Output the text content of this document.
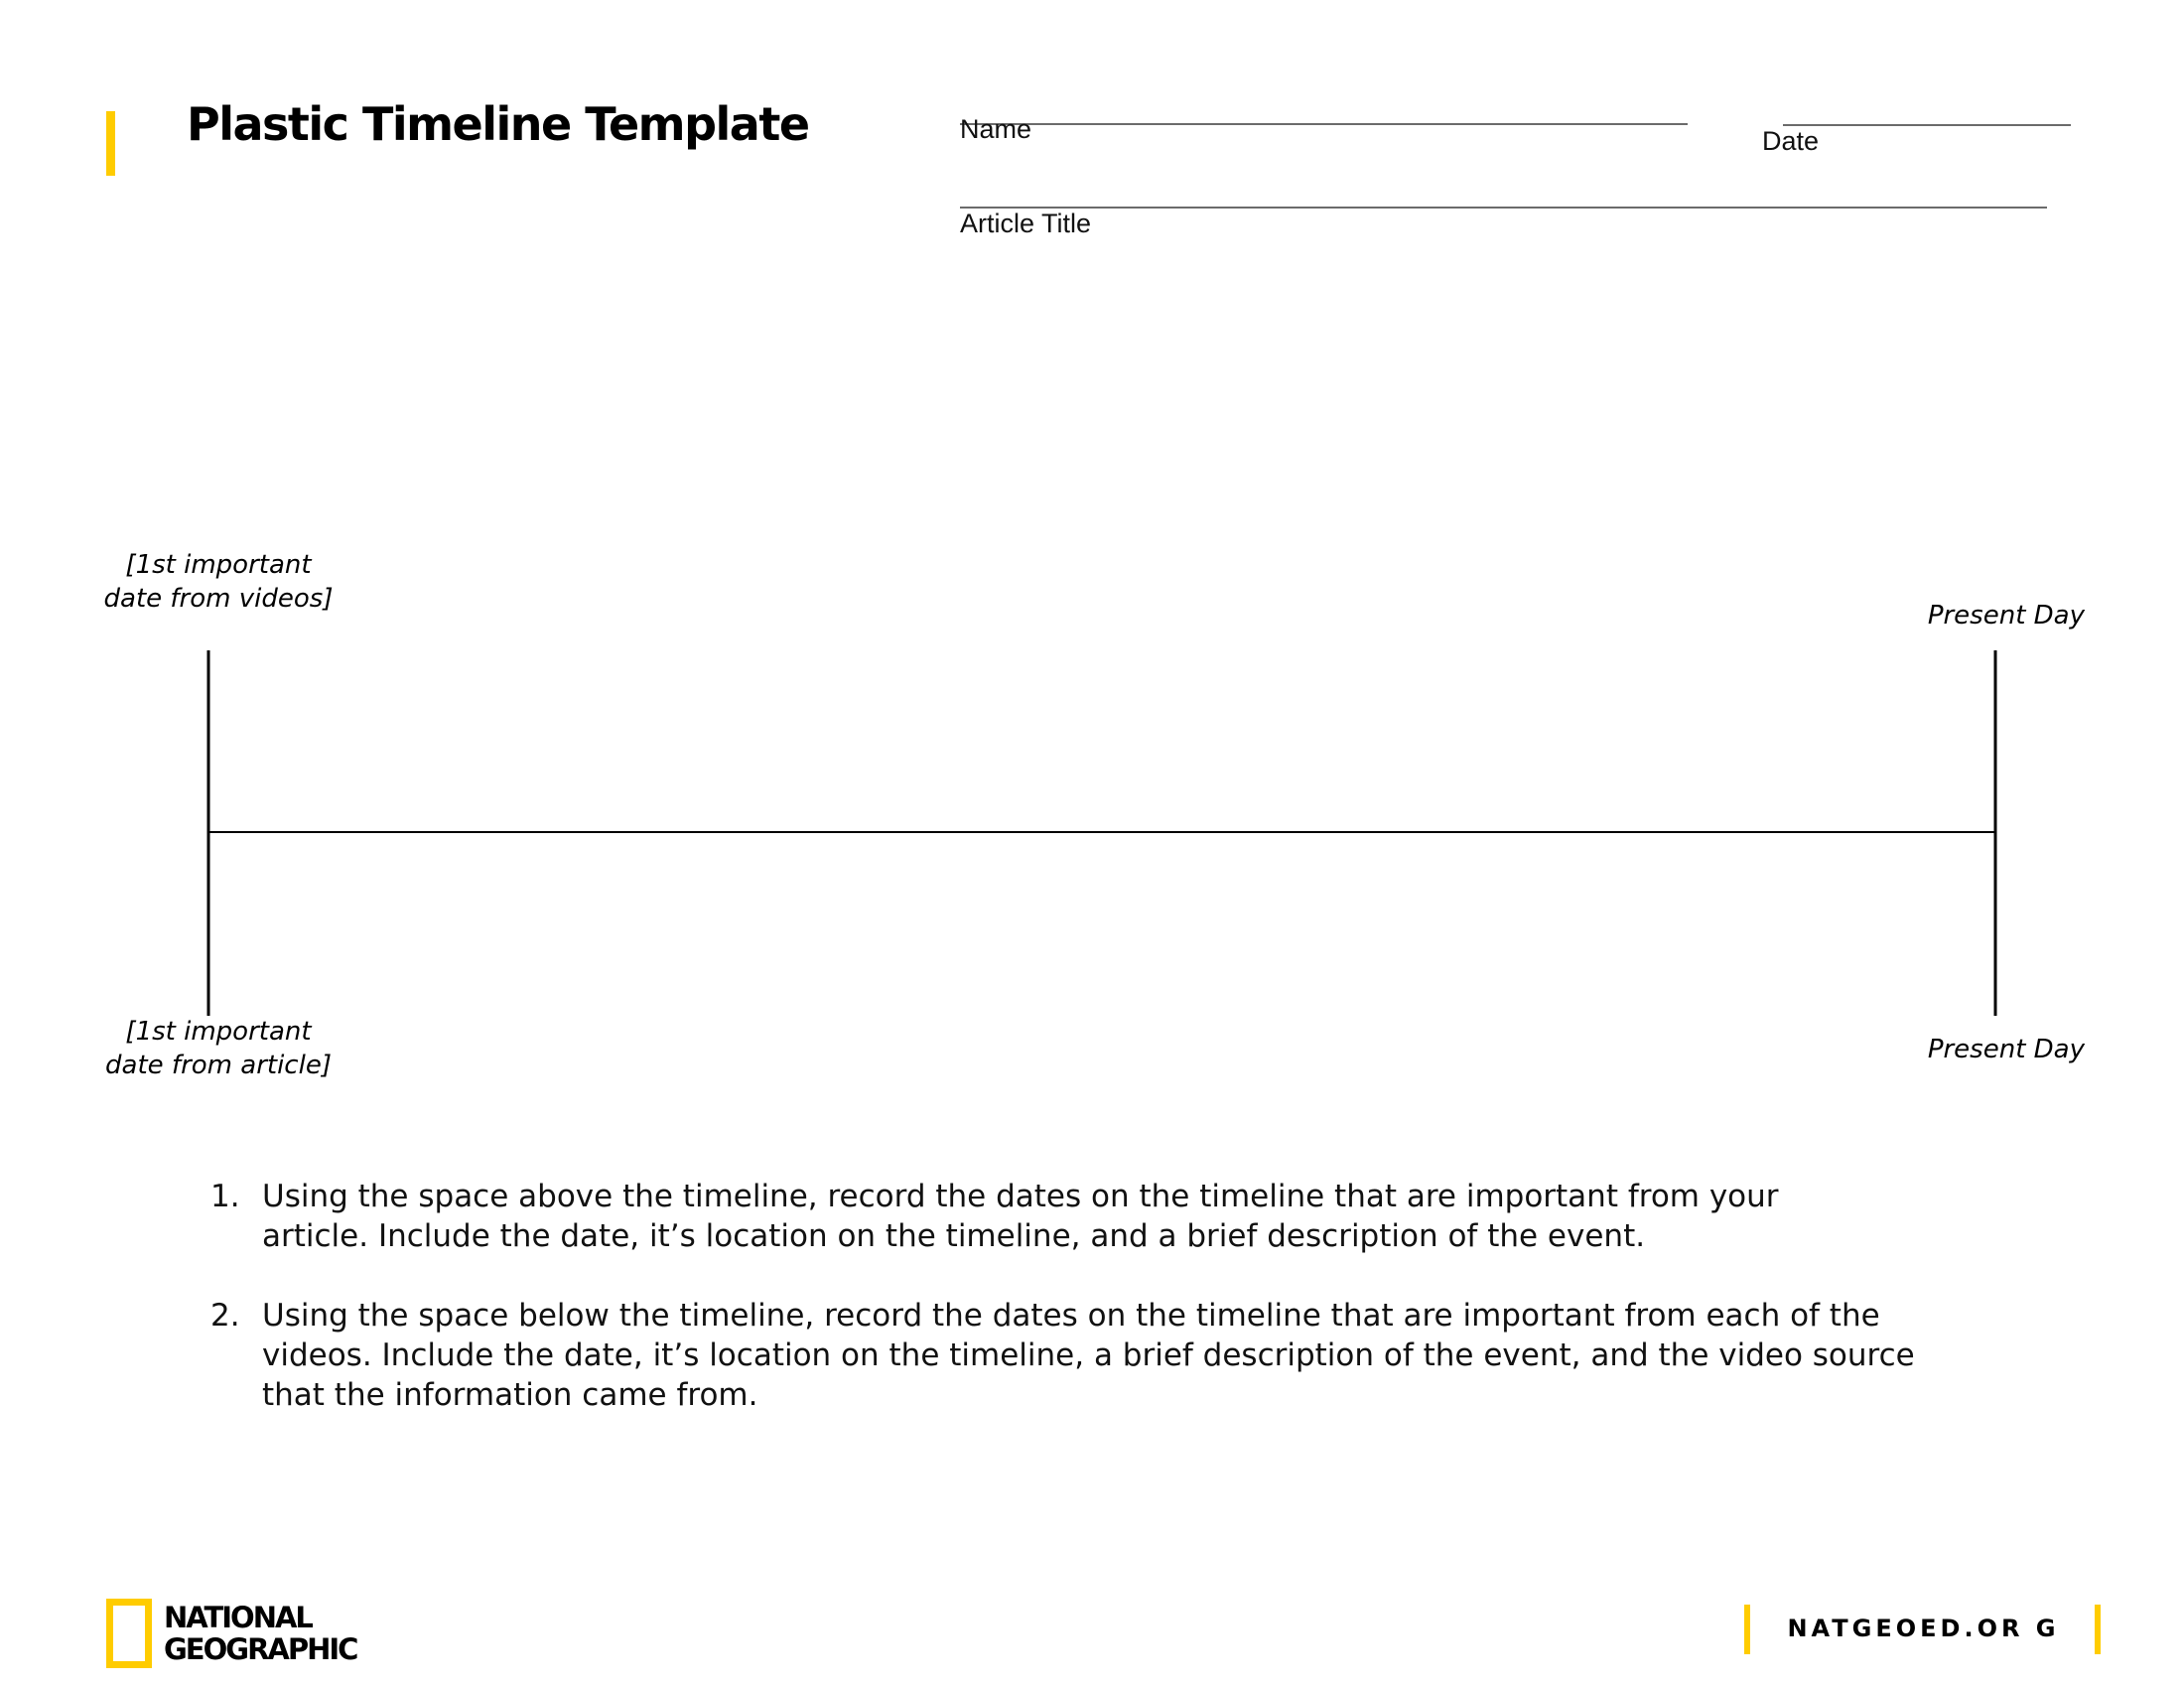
Plastic Timeline Template	Name	Date
Article Title
[1st important
date from videos]
Present Day
[1st important
date from article]
Present Day
1. Using the space above the timeline, record the dates on the timeline that are important from your
article. Include the date, it’s location on the timeline, and a brief description of the event.
2. Using the space below the timeline, record the dates on the timeline that are important from each of the
videos. Include the date, it’s location on the timeline, a brief description of the event, and the video source
that the information came from.
NATIONAL
GEOGRAPHIC
NATGEOED.OR G
